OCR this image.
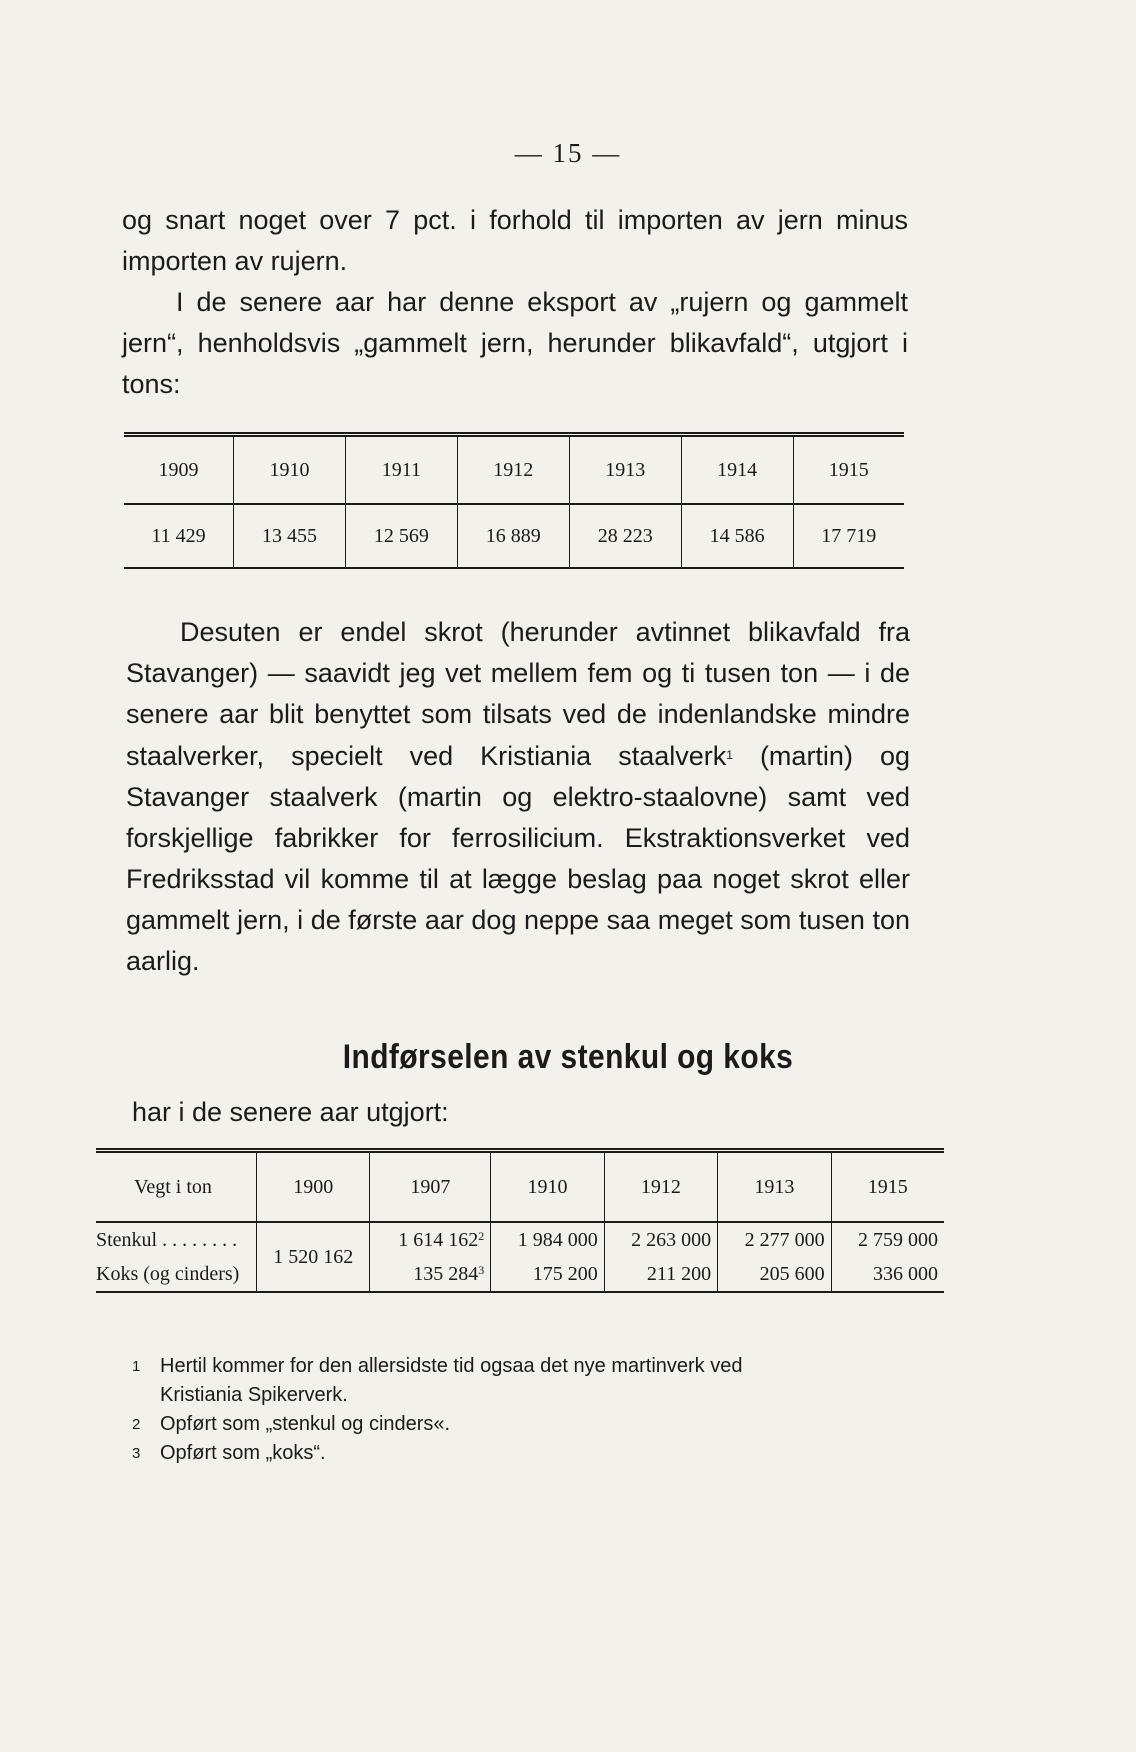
— 15 —

og snart noget over 7 pct. i forhold til importen av jern minus importen av rujern.

I de senere aar har denne eksport av „rujern og gammelt jern“, henholdsvis „gammelt jern, herunder blikavfald“, utgjort i tons:

1909	1910	1911	1912	1913	1914	1915
11 429	13 455	12 569	16 889	28 223	14 586	17 719

Desuten er endel skrot (herunder avtinnet blikavfald fra Stavanger) — saavidt jeg vet mellem fem og ti tusen ton — i de senere aar blit benyttet som tilsats ved de indenlandske mindre staalverker, specielt ved Kristiania staalverk$^1$ (martin) og Stavanger staalverk (martin og elektro-staalovne) samt ved forskjellige fabrikker for ferrosilicium. Ekstraktionsverket ved Fredriksstad vil komme til at lægge beslag paa noget skrot eller gammelt jern, i de første aar dog neppe saa meget som tusen ton aarlig.

Indførselen av stenkul og koks
har i de senere aar utgjort:
Vegt i ton	1900	1907	1910	1912	1913	1915
Stenkul . . . . . . . .	1 520 162	1 614 $162^2$	1 984 000	2 263 000	2 277 000	2 759 000
Koks (og cinders)		135 $284^3$	175 200	211 200	205 600	336 000
1 Hertil kommer for den allersidste tid ogsaa det nye martinverk ved
Kristiania Spikerverk.
2 Opført som „stenkul og cinders«.
3 Opført som „koks“.
